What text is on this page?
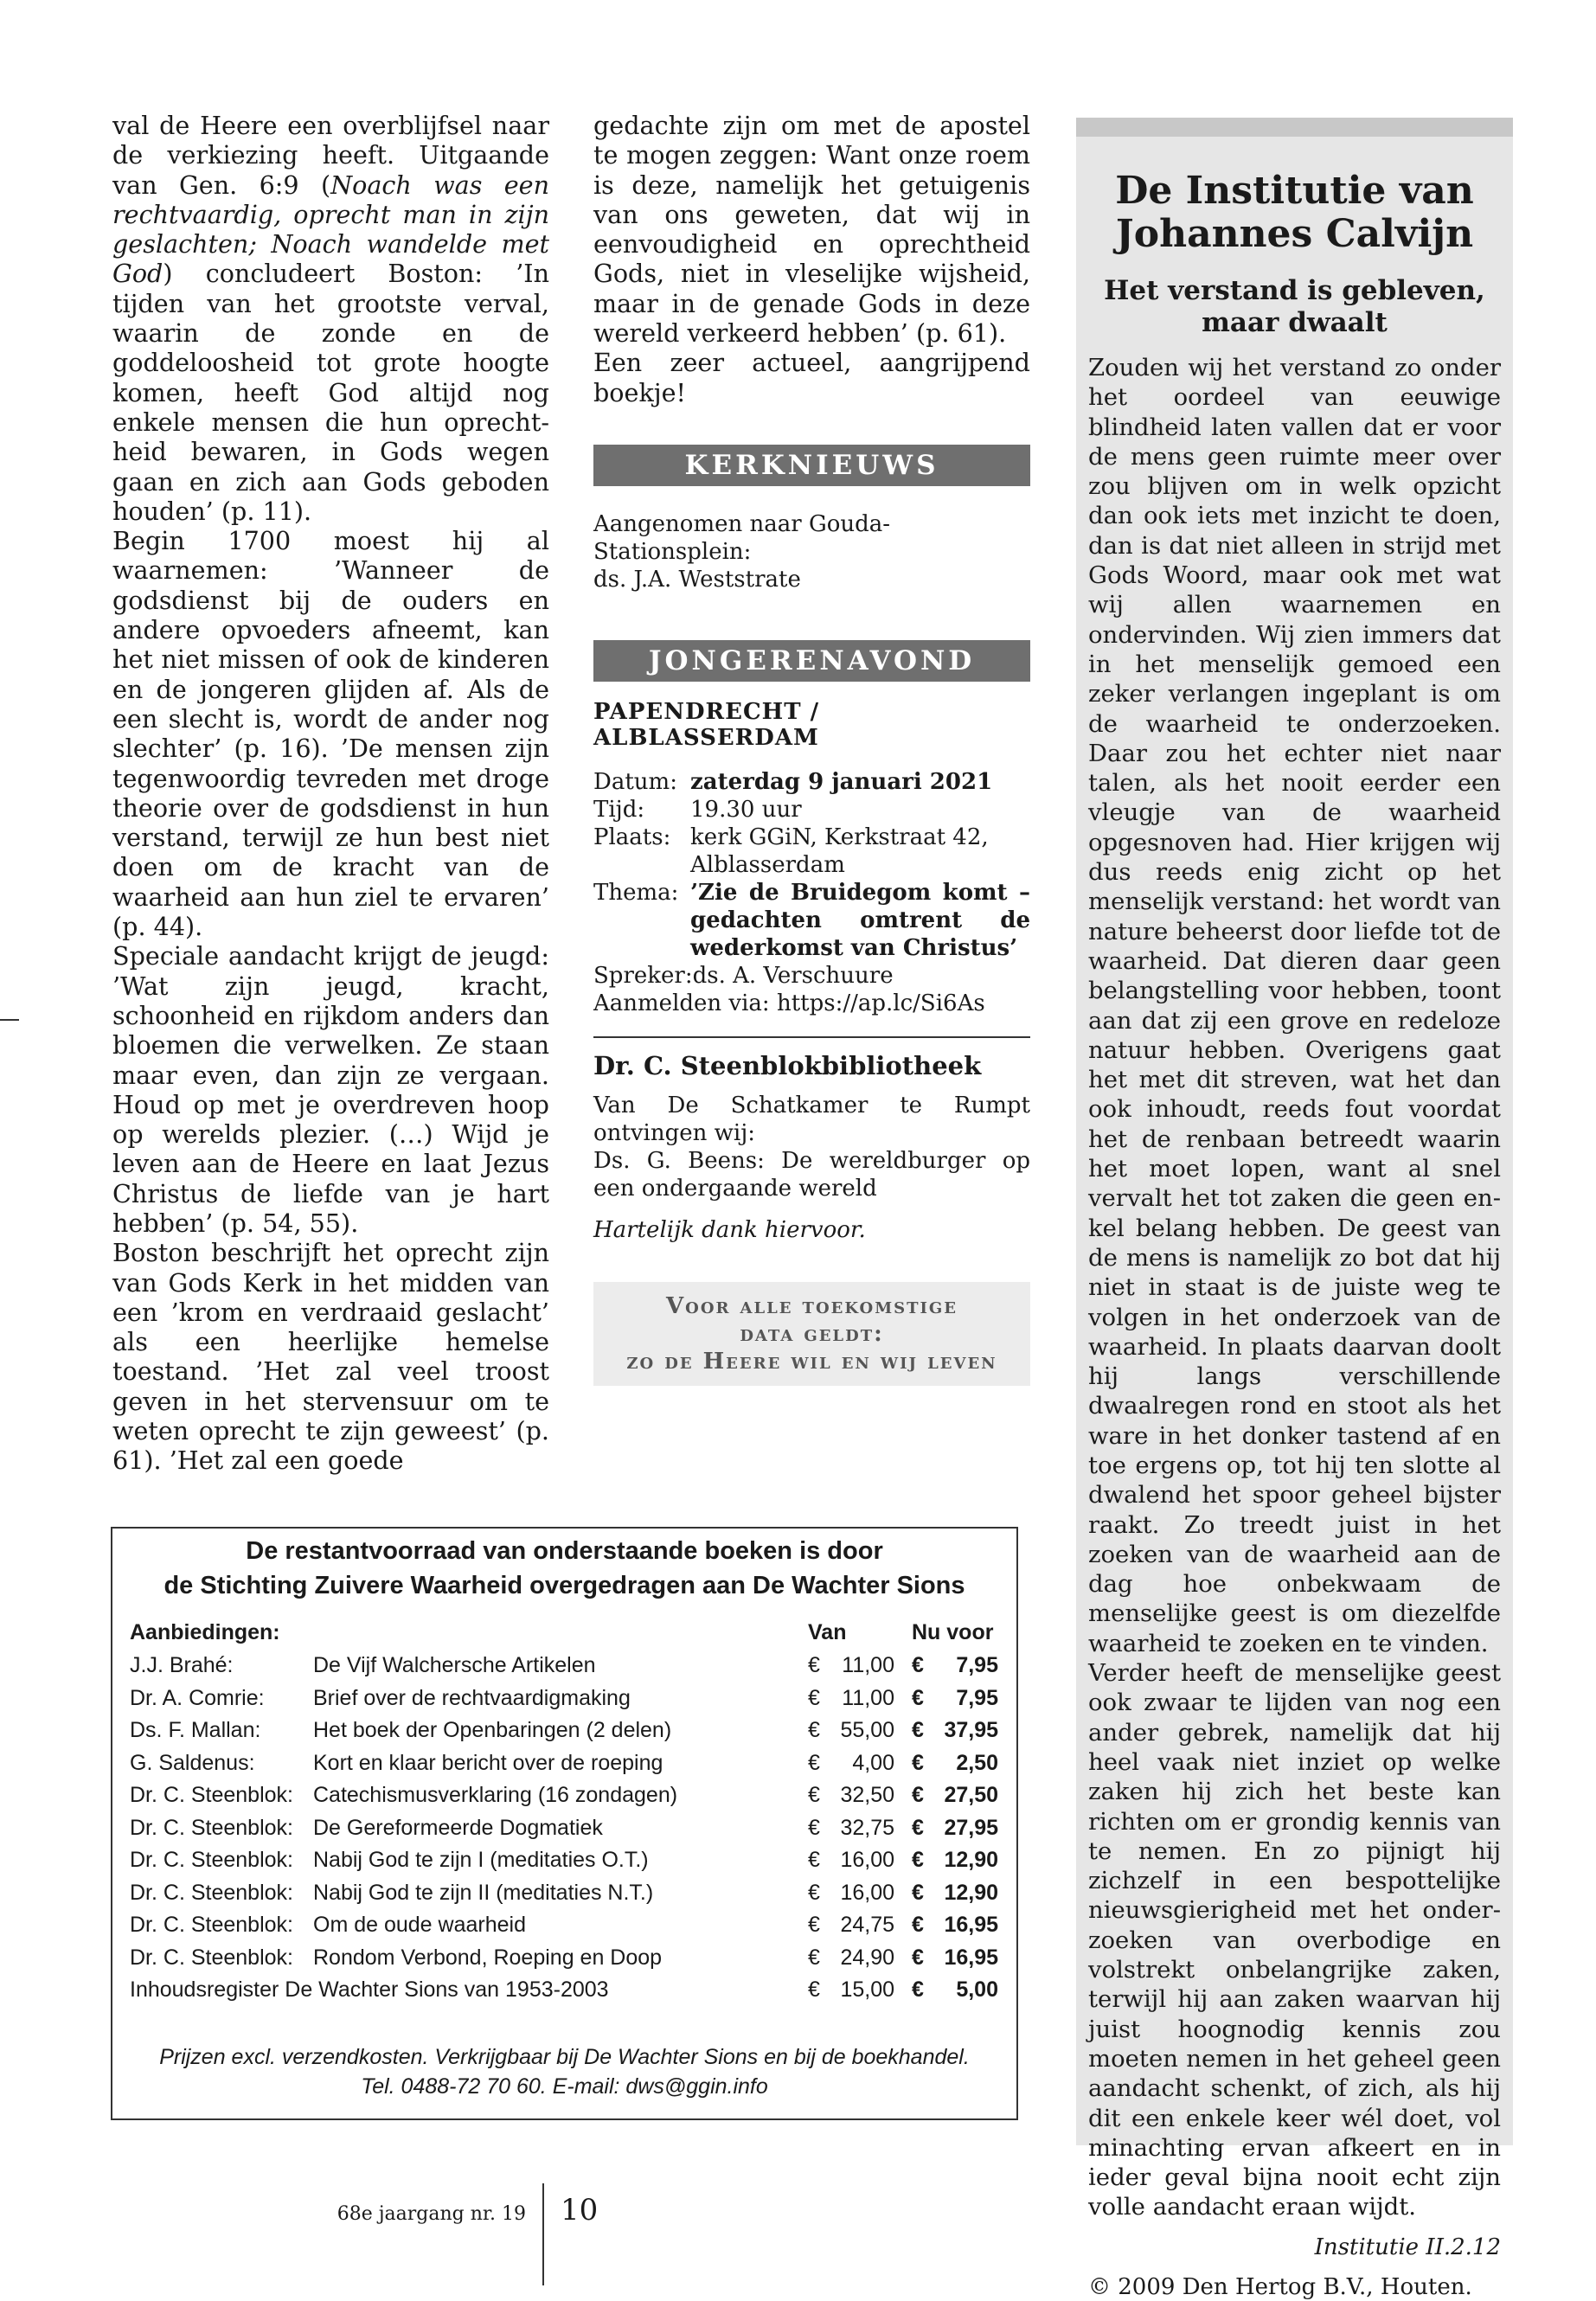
val de Heere een overblijfsel naar de verkiezing heeft. Uitgaande van Gen. 6:9 (Noach was een rechtvaardig, oprecht man in zijn geslachten; Noach wandelde met God) concludeert Boston: ’In tijden van het grootste verval, waarin de zonde en de goddeloosheid tot grote hoogte komen, heeft God altijd nog enkele mensen die hun oprechtheid bewaren, in Gods wegen gaan en zich aan Gods geboden houden’ (p. 11).

Begin 1700 moest hij al waarnemen: ’Wanneer de godsdienst bij de ouders en andere opvoeders afneemt, kan het niet missen of ook de kinderen en de jongeren glijden af. Als de een slecht is, wordt de ander nog slechter’ (p. 16). ’De mensen zijn tegenwoordig tevreden met droge theorie over de godsdienst in hun verstand, terwijl ze hun best niet doen om de kracht van de waarheid aan hun ziel te ervaren’ (p. 44).

Speciale aandacht krijgt de jeugd: ’Wat zijn jeugd, kracht, schoonheid en rijkdom anders dan bloemen die verwelken. Ze staan maar even, dan zijn ze vergaan. Houd op met je overdreven hoop op werelds plezier. (…) Wijd je leven aan de Heere en laat Jezus Christus de liefde van je hart hebben’ (p. 54, 55).

Boston beschrijft het oprecht zijn van Gods Kerk in het midden van een ’krom en verdraaid geslacht’ als een heerlijke hemelse toestand. ’Het zal veel troost geven in het stervensuur om te weten oprecht te zijn geweest’ (p. 61). ’Het zal een goede

gedachte zijn om met de apostel te mogen zeggen: Want onze roem is deze, namelijk het getuigenis van ons geweten, dat wij in eenvoudigheid en oprechtheid Gods, niet in vleselijke wijsheid, maar in de genade Gods in deze wereld verkeerd hebben’ (p. 61).

Een zeer actueel, aangrijpend boekje!

KERKNIEUWS
Aangenomen naar Gouda-Stationsplein:
ds. J.A. Weststrate
JONGERENAVOND
PAPENDRECHT / ALBLASSERDAM
Datum:	zaterdag 9 januari 2021
Tijd:	19.30 uur
Plaats:	kerk GGiN, Kerkstraat 42, Alblasserdam
Thema:	’Zie de Bruidegom komt – gedachten omtrent de wederkomst van Christus’
Spreker:	ds. A. Verschuure
Aanmelden via: https://ap.lc/Si6As
Dr. C. Steenblokbibliotheek
Van De Schatkamer te Rumpt ontvingen wij:
Ds. G. Beens: De wereldburger op een ondergaande wereld
Hartelijk dank hiervoor.
Voor alle toekomstige
data geldt:
zo de Heere wil en wij leven
De Institutie van Johannes Calvijn
Het verstand is gebleven, maar dwaalt

Zouden wij het verstand zo onder het oordeel van eeuwige blindheid laten vallen dat er voor de mens geen ruimte meer over zou blijven om in welk opzicht dan ook iets met inzicht te doen, dan is dat niet alleen in strijd met Gods Woord, maar ook met wat wij allen waarnemen en ondervinden. Wij zien immers dat in het menselijk gemoed een zeker verlangen ingeplant is om de waarheid te onderzoeken. Daar zou het echter niet naar talen, als het nooit eerder een vleugje van de waarheid opgesnoven had. Hier krijgen wij dus reeds enig zicht op het menselijk verstand: het wordt van nature beheerst door liefde tot de waarheid. Dat dieren daar geen belangstelling voor hebben, toont aan dat zij een grove en redeloze natuur hebben. Overigens gaat het met dit streven, wat het dan ook inhoudt, reeds fout voordat het de renbaan betreedt waarin het moet lopen, want al snel vervalt het tot zaken die geen enkel belang hebben. De geest van de mens is namelijk zo bot dat hij niet in staat is de juiste weg te volgen in het onderzoek van de waarheid. In plaats daarvan doolt hij langs verschillende dwaalregen rond en stoot als het ware in het donker tastend af en toe ergens op, tot hij ten slotte al dwalend het spoor geheel bijster raakt. Zo treedt juist in het zoeken van de waarheid aan de dag hoe onbekwaam de menselijke geest is om diezelfde waarheid te zoeken en te vinden.

Verder heeft de menselijke geest ook zwaar te lijden van nog een ander gebrek, namelijk dat hij heel vaak niet inziet op welke zaken hij zich het beste kan richten om er grondig kennis van te nemen. En zo pijnigt hij zichzelf in een bespottelijke nieuwsgierigheid met het onderzoeken van overbodige en volstrekt onbelangrijke zaken, terwijl hij aan zaken waarvan hij juist hoognodig kennis zou moeten nemen in het geheel geen aandacht schenkt, of zich, als hij dit een enkele keer wél doet, vol minachting ervan afkeert en in ieder geval bijna nooit echt zijn volle aandacht eraan wijdt.

Institutie II.2.12
© 2009 Den Hertog B.V., Houten.
De restantvoorraad van onderstaande boeken is door
de Stichting Zuivere Waarheid overgedragen aan De Wachter Sions
Aanbiedingen:		Van	Nu voor
J.J. Brahé:	De Vijf Walchersche Artikelen	€ 11,00	€ 7,95
Dr. A. Comrie:	Brief over de rechtvaardigmaking	€ 11,00	€ 7,95
Ds. F. Mallan:	Het boek der Openbaringen (2 delen)	€ 55,00	€ 37,95
G. Saldenus:	Kort en klaar bericht over de roeping	€ 4,00	€ 2,50
Dr. C. Steenblok:	Catechismusverklaring (16 zondagen)	€ 32,50	€ 27,50
Dr. C. Steenblok:	De Gereformeerde Dogmatiek	€ 32,75	€ 27,95
Dr. C. Steenblok:	Nabij God te zijn I (meditaties O.T.)	€ 16,00	€ 12,90
Dr. C. Steenblok:	Nabij God te zijn II (meditaties N.T.)	€ 16,00	€ 12,90
Dr. C. Steenblok:	Om de oude waarheid	€ 24,75	€ 16,95
Dr. C. Steenblok:	Rondom Verbond, Roeping en Doop	€ 24,90	€ 16,95
Inhoudsregister De Wachter Sions van 1953-2003		€ 15,00	€ 5,00
Prijzen excl. verzendkosten. Verkrijgbaar bij De Wachter Sions en bij de boekhandel.
Tel. 0488-72 70 60. E-mail: dws@ggin.info
68e jaargang nr. 19 10
